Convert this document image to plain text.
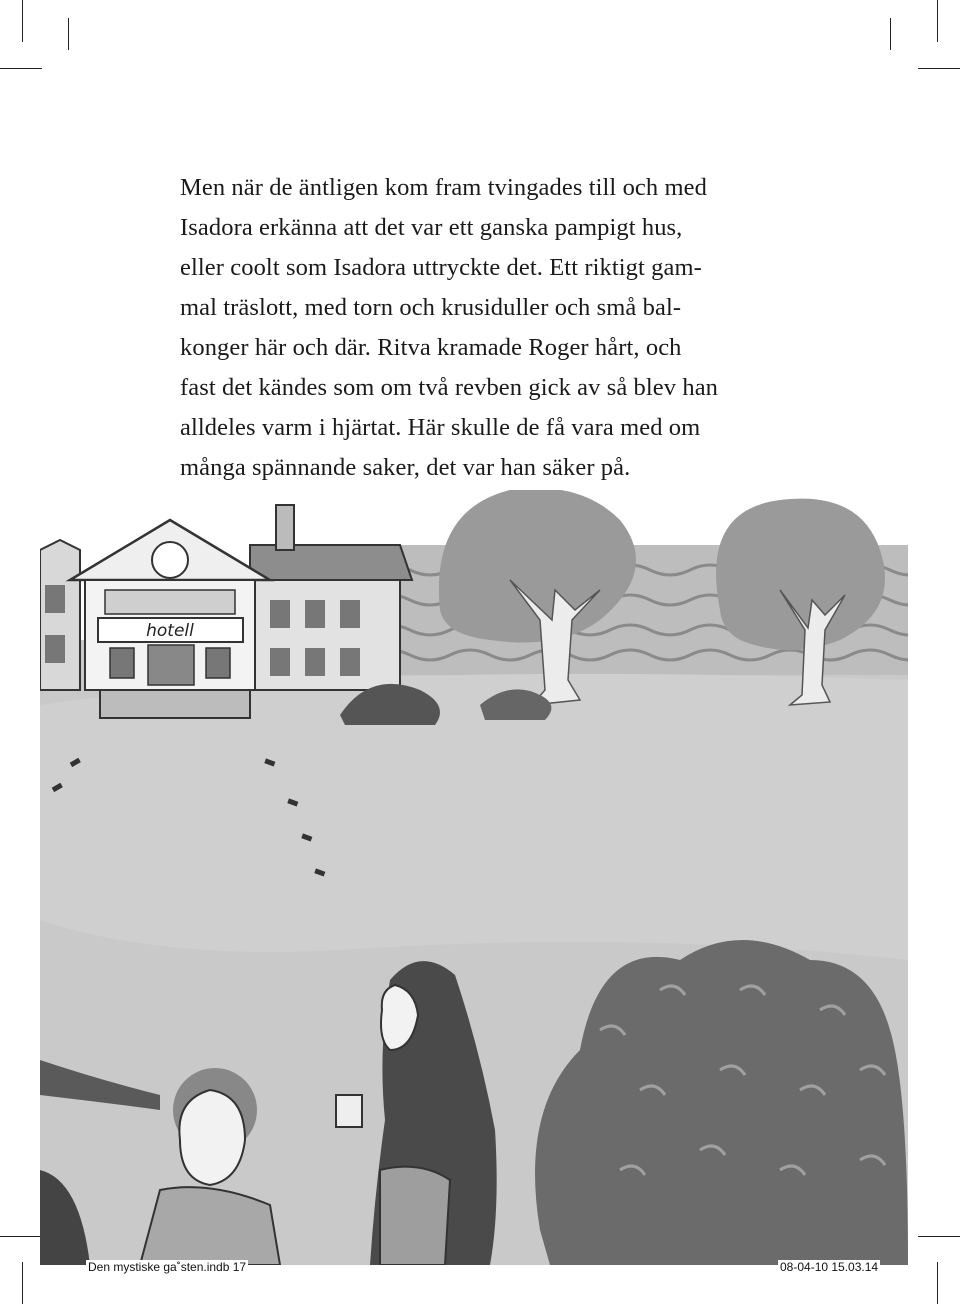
Men när de äntligen kom fram tvingades till och med
Isadora erkänna att det var ett ganska pampigt hus,
eller coolt som Isadora uttryckte det. Ett riktigt gam-
mal träslott, med torn och krusiduller och små bal-
konger här och där. Ritva kramade Roger hårt, och
fast det kändes som om två revben gick av så blev han
alldeles varm i hjärtat. Här skulle de få vara med om
många spännande saker, det var han säker på.
hotell
Den mystiske ga˚sten.indb 17	08-04-10 15.03.14
